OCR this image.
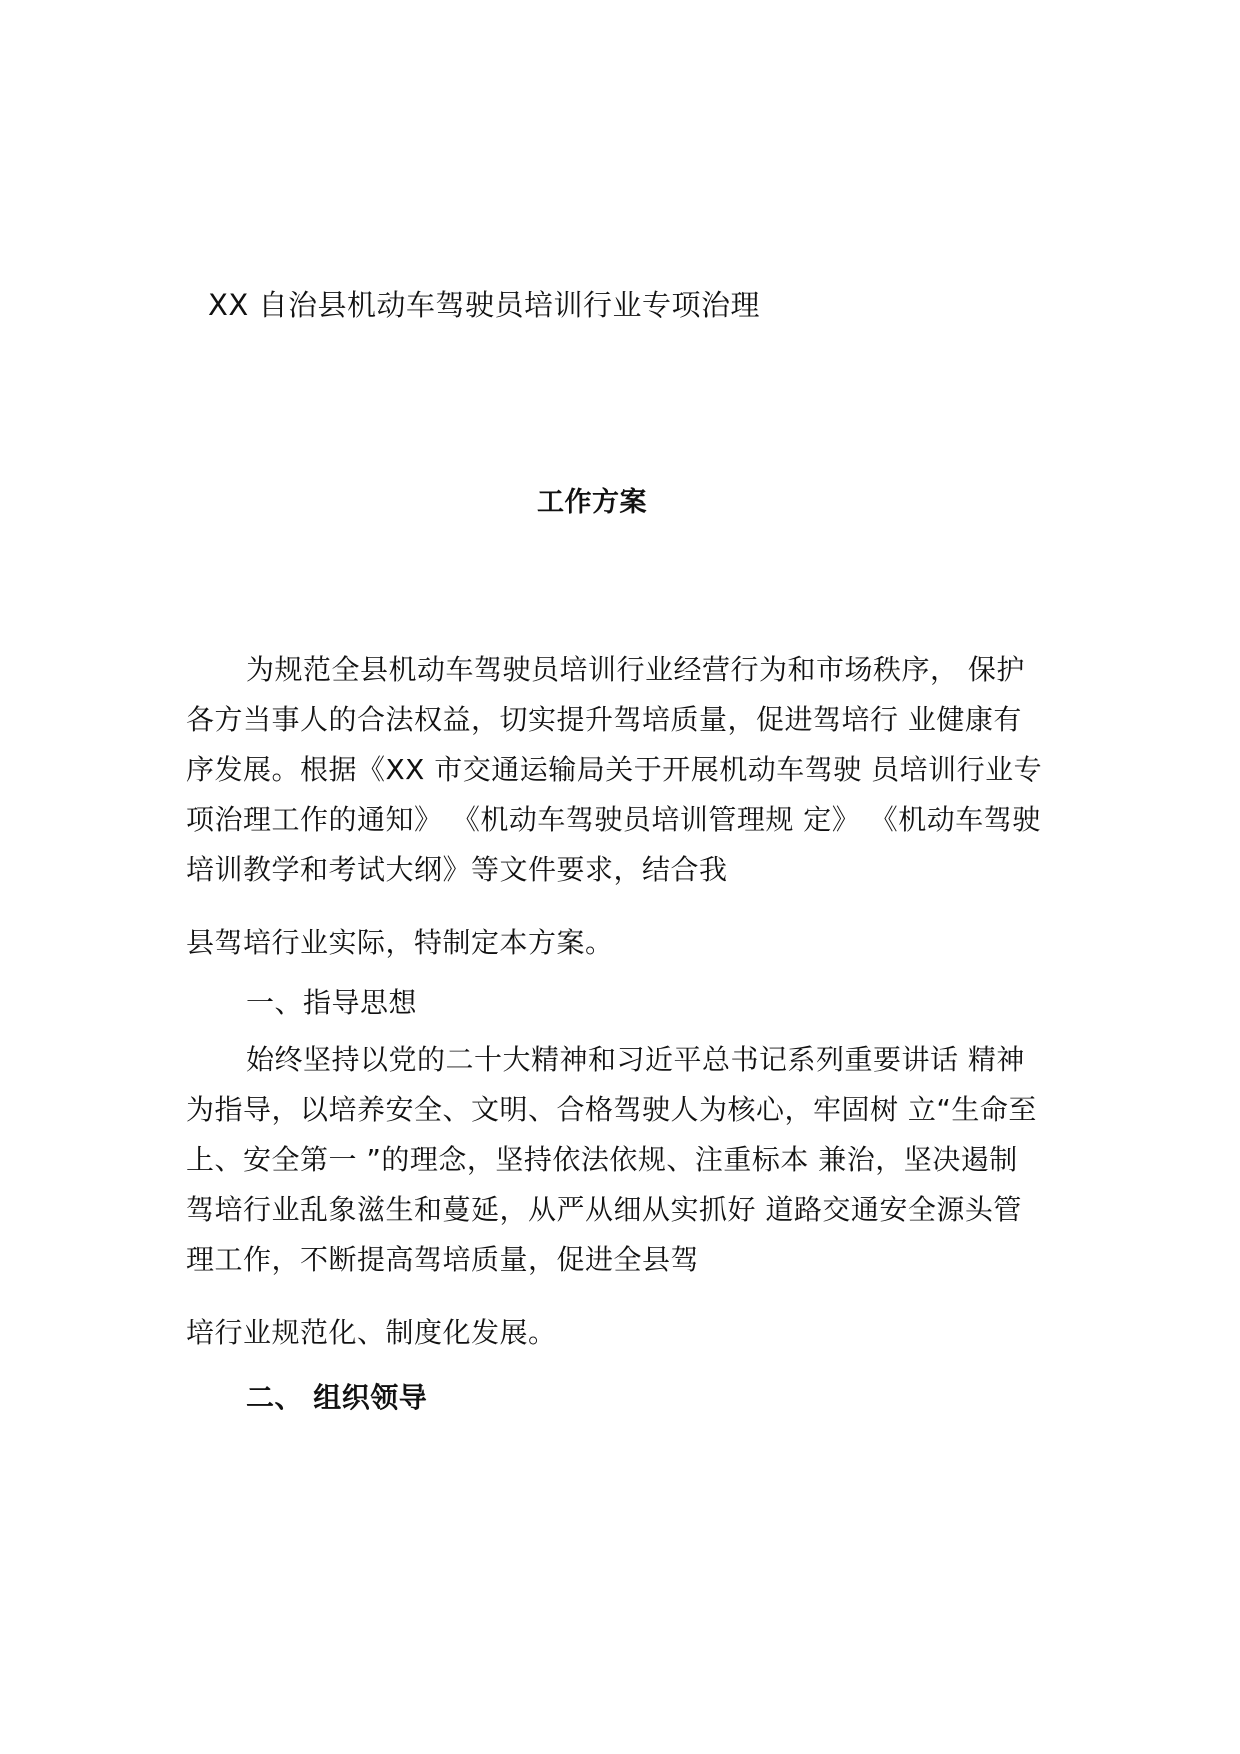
XX 自治县机动车驾驶员培训行业专项治理
工作方案
为规范全县机动车驾驶员培训行业经营行为和市场秩序， 保护
各方当事人的合法权益，切实提升驾培质量，促进驾培行 业健康有
序发展。根据《XX 市交通运输局关于开展机动车驾驶 员培训行业专
项治理工作的通知》 《机动车驾驶员培训管理规 定》 《机动车驾驶
培训教学和考试大纲》等文件要求，结合我
县驾培行业实际，特制定本方案。
一、指导思想
始终坚持以党的二十大精神和习近平总书记系列重要讲话 精神
为指导，以培养安全、文明、合格驾驶人为核心，牢固树 立“生命至
上、安全第一 ”的理念，坚持依法依规、注重标本 兼治，坚决遏制
驾培行业乱象滋生和蔓延，从严从细从实抓好 道路交通安全源头管
理工作，不断提高驾培质量，促进全县驾
培行业规范化、制度化发展。
二、 组织领导
